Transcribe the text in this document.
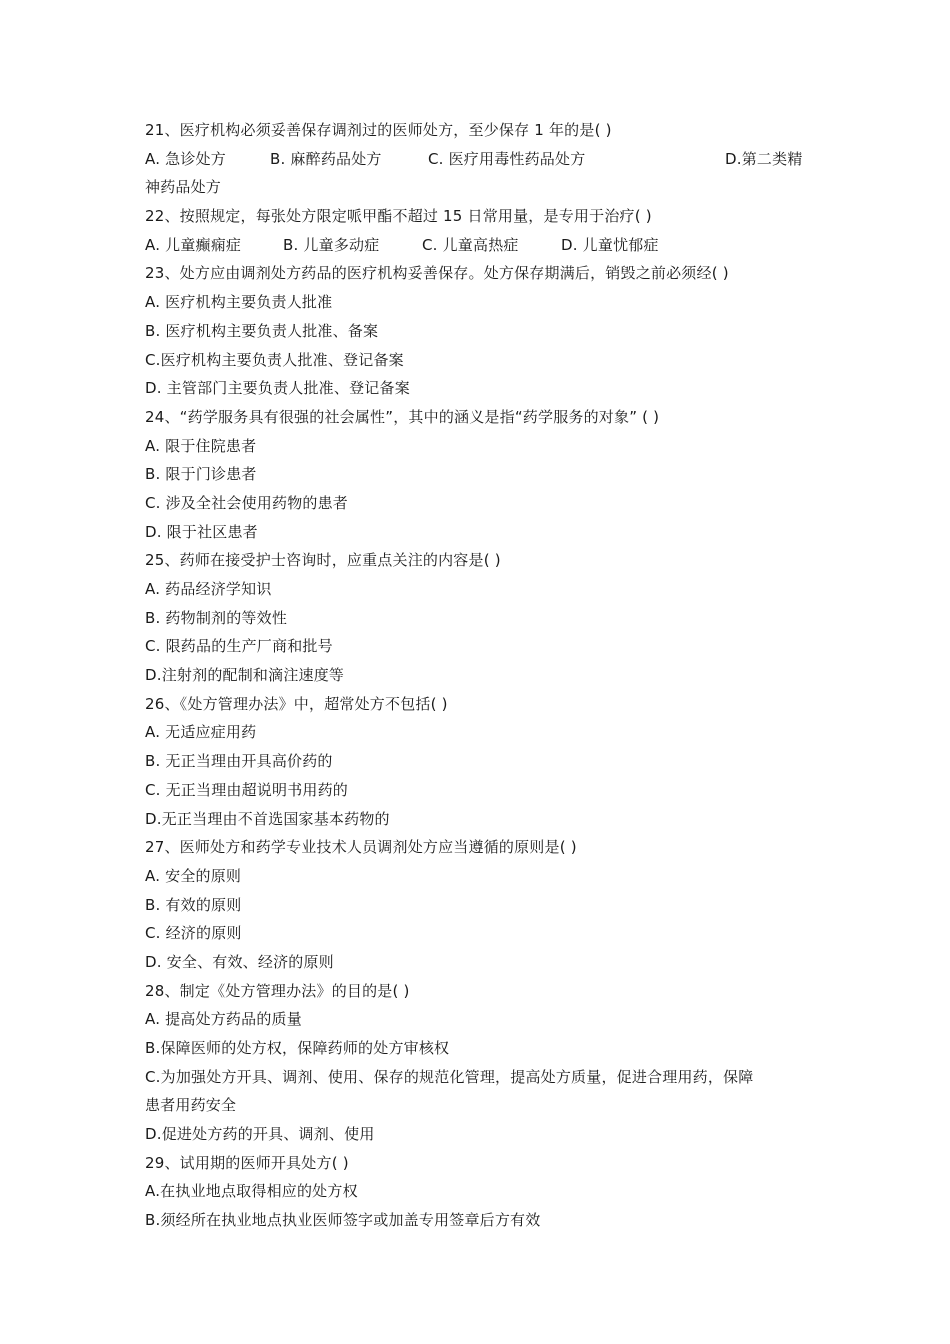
21、医疗机构必须妥善保存调剂过的医师处方，至少保存 1 年的是( )
A. 急诊处方	B. 麻醉药品处方	C. 医疗用毒性药品处方	D.第二类精
神药品处方
22、按照规定，每张处方限定哌甲酯不超过 15 日常用量，是专用于治疗( )
A. 儿童癫痫症	B. 儿童多动症	C. 儿童高热症	D. 儿童忧郁症
23、处方应由调剂处方药品的医疗机构妥善保存。处方保存期满后，销毁之前必须经( )
A. 医疗机构主要负责人批准
B. 医疗机构主要负责人批准、备案
C.医疗机构主要负责人批准、登记备案
D. 主管部门主要负责人批准、登记备案
24、“药学服务具有很强的社会属性”，其中的涵义是指“药学服务的对象” ( )
A. 限于住院患者
B. 限于门诊患者
C. 涉及全社会使用药物的患者
D. 限于社区患者
25、药师在接受护士咨询时，应重点关注的内容是( )
A. 药品经济学知识
B. 药物制剂的等效性
C. 限药品的生产厂商和批号
D.注射剂的配制和滴注速度等
26、《处方管理办法》中，超常处方不包括( )
A. 无适应症用药
B. 无正当理由开具高价药的
C. 无正当理由超说明书用药的
D.无正当理由不首选国家基本药物的
27、医师处方和药学专业技术人员调剂处方应当遵循的原则是( )
A. 安全的原则
B. 有效的原则
C. 经济的原则
D. 安全、有效、经济的原则
28、制定《处方管理办法》的目的是( )
A. 提高处方药品的质量
B.保障医师的处方权，保障药师的处方审核权
C.为加强处方开具、调剂、使用、保存的规范化管理，提高处方质量，促进合理用药，保障
患者用药安全
D.促进处方药的开具、调剂、使用
29、试用期的医师开具处方( )
A.在执业地点取得相应的处方权
B.须经所在执业地点执业医师签字或加盖专用签章后方有效
